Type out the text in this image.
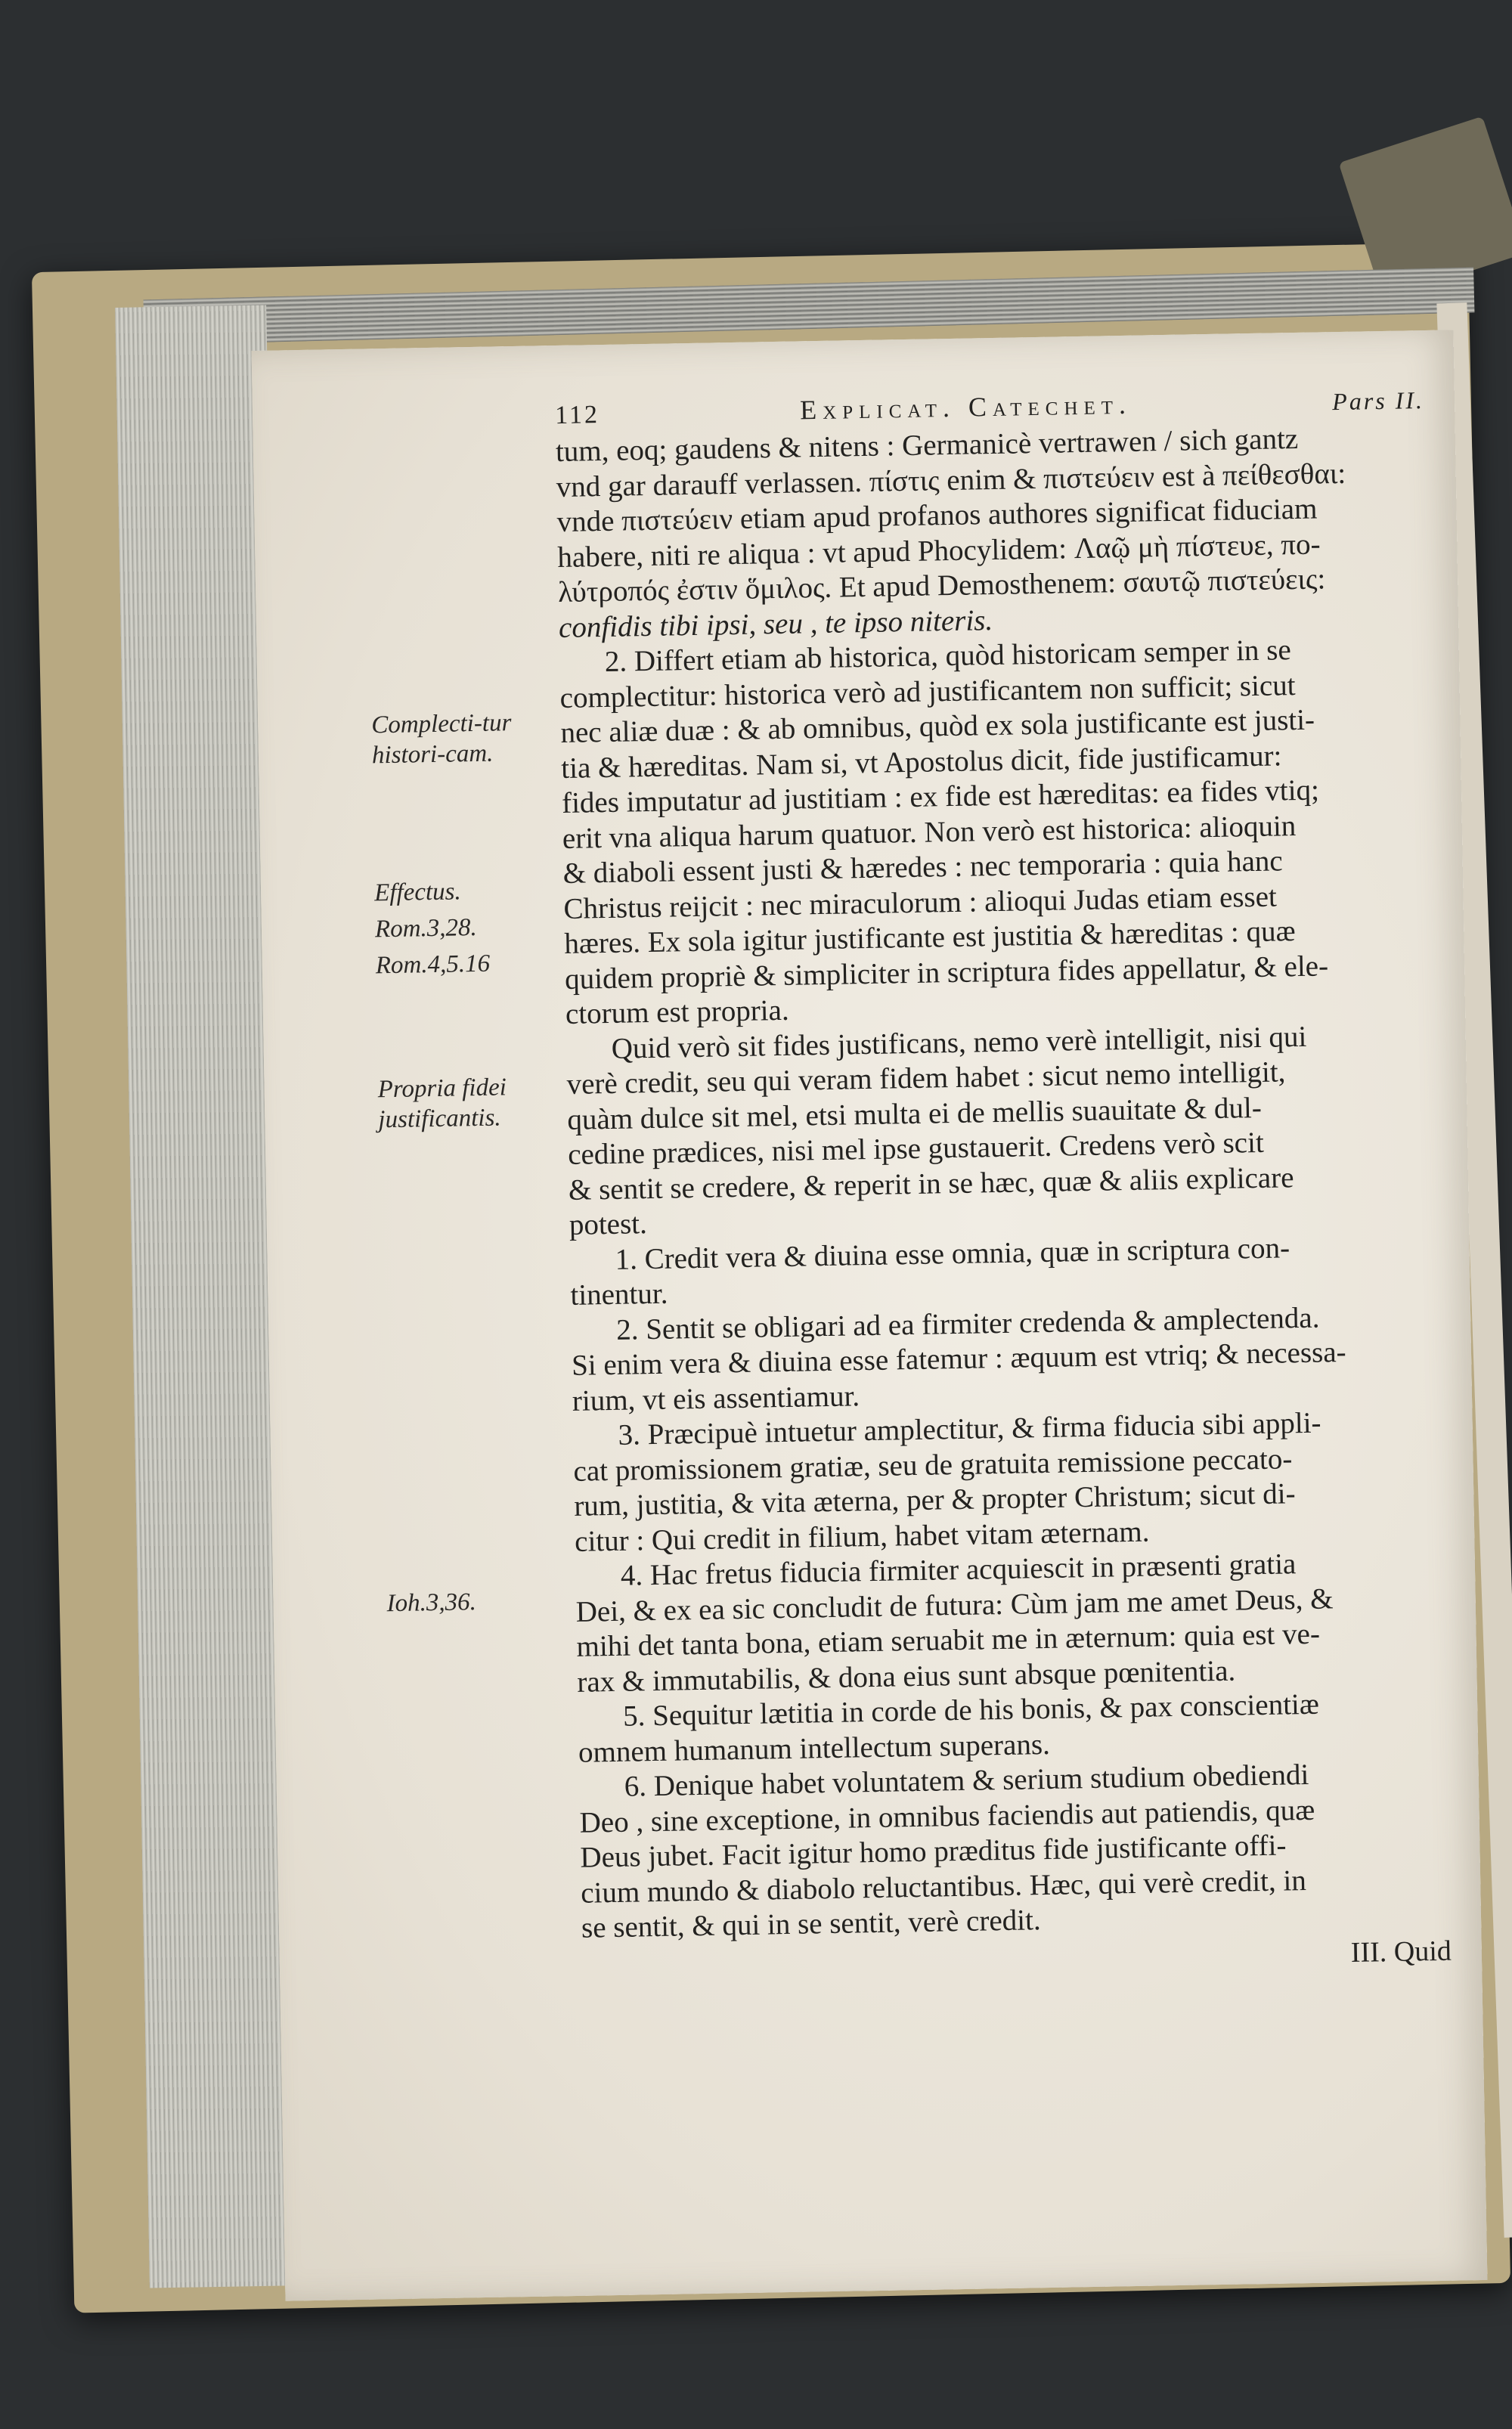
112	Explicat. Catechet.	Pars II.
tum, eoq; gaudens & nitens : Germanicè vertrawen / sich gantz
vnd gar darauff verlassen. πίστις enim & πιστεύειν est à πείθεσθαι:
vnde πιστεύειν etiam apud profanos authores significat fiduciam
habere, niti re aliqua : vt apud Phocylidem: Λαῷ μὴ πίστευε, πο-
λύτροπός ἐστιν ὅμιλος. Et apud Demosthenem: σαυτῷ πιστεύεις:
confidis tibi ipsi, seu , te ipso niteris.
2. Differt etiam ab historica, quòd historicam semper in se
complectitur: historica verò ad justificantem non sufficit; sicut
nec aliæ duæ : & ab omnibus, quòd ex sola justificante est justi-
tia & hæreditas. Nam si, vt Apostolus dicit, fide justificamur:
fides imputatur ad justitiam : ex fide est hæreditas: ea fides vtiq;
erit vna aliqua harum quatuor. Non verò est historica: alioquin
& diaboli essent justi & hæredes : nec temporaria : quia hanc
Christus reijcit : nec miraculorum : alioqui Judas etiam esset
hæres. Ex sola igitur justificante est justitia & hæreditas : quæ
quidem propriè & simpliciter in scriptura fides appellatur, & ele-
ctorum est propria.
Quid verò sit fides justificans, nemo verè intelligit, nisi qui
verè credit, seu qui veram fidem habet : sicut nemo intelligit,
quàm dulce sit mel, etsi multa ei de mellis suauitate & dul-
cedine prædices, nisi mel ipse gustauerit. Credens verò scit
& sentit se credere, & reperit in se hæc, quæ & aliis explicare
potest.
1. Credit vera & diuina esse omnia, quæ in scriptura con-
tinentur.
2. Sentit se obligari ad ea firmiter credenda & amplectenda.
Si enim vera & diuina esse fatemur : æquum est vtriq; & necessa-
rium, vt eis assentiamur.
3. Præcipuè intuetur amplectitur, & firma fiducia sibi appli-
cat promissionem gratiæ, seu de gratuita remissione peccato-
rum, justitia, & vita æterna, per & propter Christum; sicut di-
citur : Qui credit in filium, habet vitam æternam.
4. Hac fretus fiducia firmiter acquiescit in præsenti gratia
Dei, & ex ea sic concludit de futura: Cùm jam me amet Deus, &
mihi det tanta bona, etiam seruabit me in æternum: quia est ve-
rax & immutabilis, & dona eius sunt absque pœnitentia.
5. Sequitur lætitia in corde de his bonis, & pax conscientiæ
omnem humanum intellectum superans.
6. Denique habet voluntatem & serium studium obediendi
Deo , sine exceptione, in omnibus faciendis aut patiendis, quæ
Deus jubet. Facit igitur homo præditus fide justificante offi-
cium mundo & diabolo reluctantibus. Hæc, qui verè credit, in
se sentit, & qui in se sentit, verè credit.
III. Quid
Complecti-tur histori-cam.
Effectus.
Rom.3,28.
Rom.4,5.16
Propria fidei justificantis.
Ioh.3,36.
